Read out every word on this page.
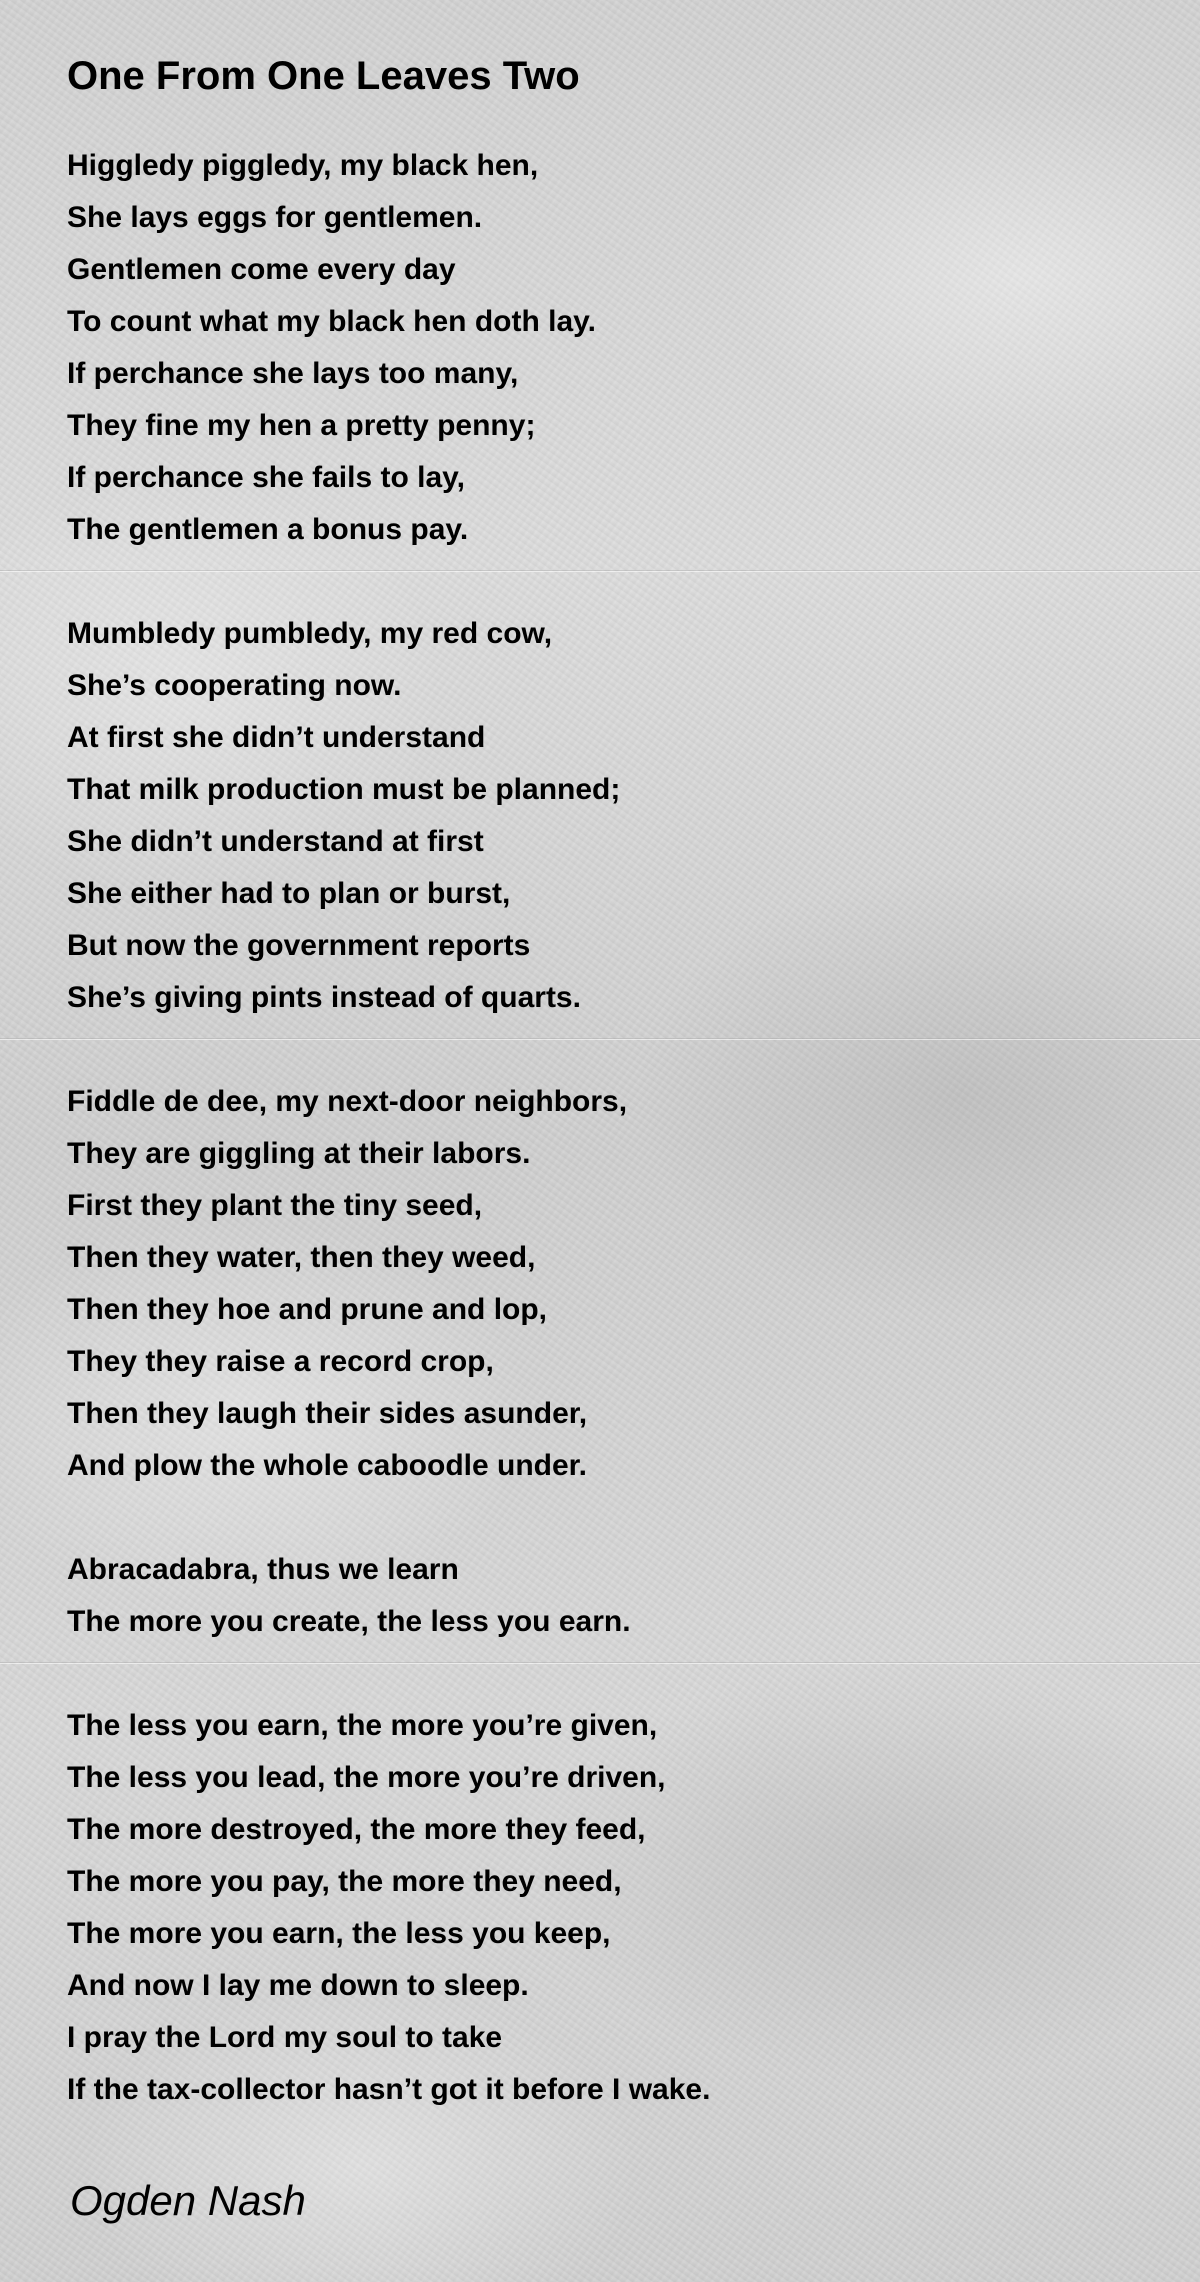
One From One Leaves Two
Higgledy piggledy, my black hen,
She lays eggs for gentlemen.
Gentlemen come every day
To count what my black hen doth lay.
If perchance she lays too many,
They fine my hen a pretty penny;
If perchance she fails to lay,
The gentlemen a bonus pay.
Mumbledy pumbledy, my red cow,
She’s cooperating now.
At first she didn’t understand
That milk production must be planned;
She didn’t understand at first
She either had to plan or burst,
But now the government reports
She’s giving pints instead of quarts.
Fiddle de dee, my next-door neighbors,
They are giggling at their labors.
First they plant the tiny seed,
Then they water, then they weed,
Then they hoe and prune and lop,
They they raise a record crop,
Then they laugh their sides asunder,
And plow the whole caboodle under.
Abracadabra, thus we learn
The more you create, the less you earn.
The less you earn, the more you’re given,
The less you lead, the more you’re driven,
The more destroyed, the more they feed,
The more you pay, the more they need,
The more you earn, the less you keep,
And now I lay me down to sleep.
I pray the Lord my soul to take
If the tax-collector hasn’t got it before I wake.
Ogden Nash
